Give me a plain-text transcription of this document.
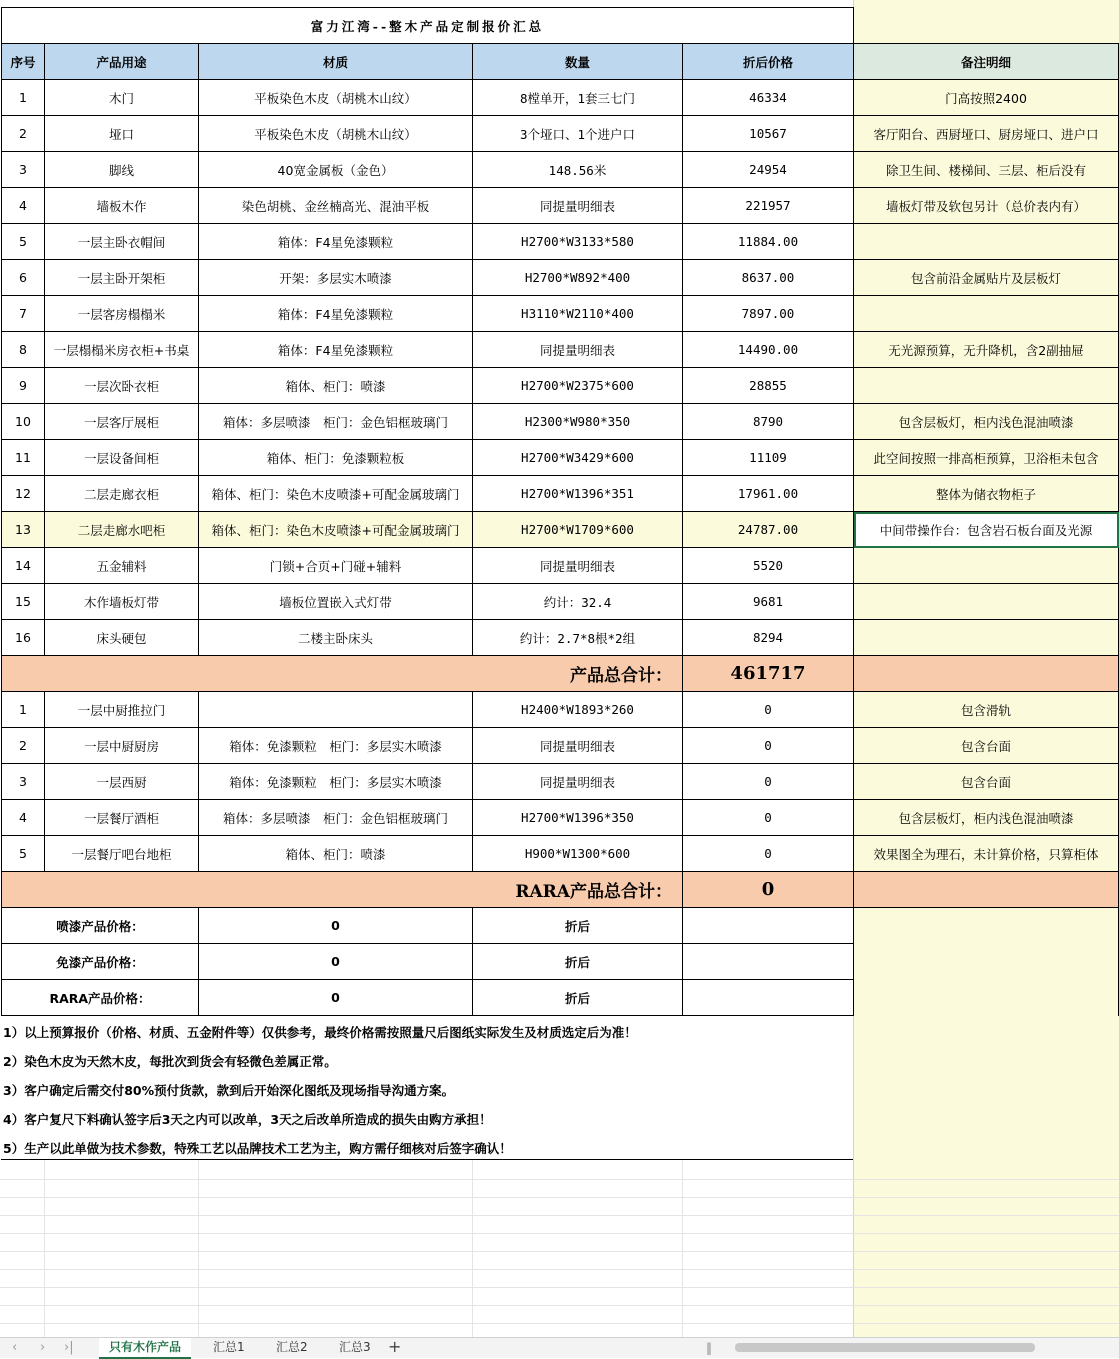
富力江湾--整木产品定制报价汇总					
序号	产品用途	材质	数量	折后价格	备注明细
1	木门	平板染色木皮（胡桃木山纹）	8樘单开，1套三七门	46334	门高按照2400
2	垭口	平板染色木皮（胡桃木山纹）	3个垭口、1个进户口	10567	客厅阳台、西厨垭口、厨房垭口、进户口
3	脚线	40宽金属板（金色）	148.56米	24954	除卫生间、楼梯间、三层、柜后没有
4	墙板木作	染色胡桃、金丝楠高光、混油平板	同提量明细表	221957	墙板灯带及软包另计（总价表内有）
5	一层主卧衣帽间	箱体：F4星免漆颗粒	H2700*W3133*580	11884.00	
6	一层主卧开架柜	开架：多层实木喷漆	H2700*W892*400	8637.00	包含前沿金属贴片及层板灯
7	一层客房榻榻米	箱体：F4星免漆颗粒	H3110*W2110*400	7897.00	
8	一层榻榻米房衣柜+书桌	箱体：F4星免漆颗粒	同提量明细表	14490.00	无光源预算，无升降机，含2副抽屉
9	一层次卧衣柜	箱体、柜门：喷漆	H2700*W2375*600	28855	
10	一层客厅展柜	箱体：多层喷漆　柜门：金色铝框玻璃门	H2300*W980*350	8790	包含层板灯，柜内浅色混油喷漆
11	一层设备间柜	箱体、柜门：免漆颗粒板	H2700*W3429*600	11109	此空间按照一排高柜预算，卫浴柜未包含
12	二层走廊衣柜	箱体、柜门：染色木皮喷漆+可配金属玻璃门	H2700*W1396*351	17961.00	整体为储衣物柜子
13	二层走廊水吧柜	箱体、柜门：染色木皮喷漆+可配金属玻璃门	H2700*W1709*600	24787.00	中间带操作台：包含岩石板台面及光源
14	五金辅料	门锁+合页+门碰+辅料	同提量明细表	5520	
15	木作墙板灯带	墙板位置嵌入式灯带	约计：32.4	9681	
16	床头硬包	二楼主卧床头	约计：2.7*8根*2组	8294	
产品总合计：				461717	
1	一层中厨推拉门		H2400*W1893*260	0	包含滑轨
2	一层中厨厨房	箱体：免漆颗粒　柜门：多层实木喷漆	同提量明细表	0	包含台面
3	一层西厨	箱体：免漆颗粒　柜门：多层实木喷漆	同提量明细表	0	包含台面
4	一层餐厅酒柜	箱体：多层喷漆　柜门：金色铝框玻璃门	H2700*W1396*350	0	包含层板灯，柜内浅色混油喷漆
5	一层餐厅吧台地柜	箱体、柜门：喷漆	H900*W1300*600	0	效果图全为理石，未计算价格，只算柜体
RARA产品总合计：				0	
喷漆产品价格：		0	折后		
免漆产品价格：		0	折后		
RARA产品价格：		0	折后		
1）以上预算报价（价格、材质、五金附件等）仅供参考，最终价格需按照量尺后图纸实际发生及材质选定后为准！
2）染色木皮为天然木皮，每批次到货会有轻微色差属正常。
3）客户确定后需交付80%预付货款，款到后开始深化图纸及现场指导沟通方案。
4）客户复尺下料确认签字后3天之内可以改单，3天之后改单所造成的损失由购方承担！
5）生产以此单做为技术参数，特殊工艺以品牌技术工艺为主，购方需仔细核对后签字确认！
‹ › ›|	只有木作产品	汇总1	汇总2	汇总3	+	‖
